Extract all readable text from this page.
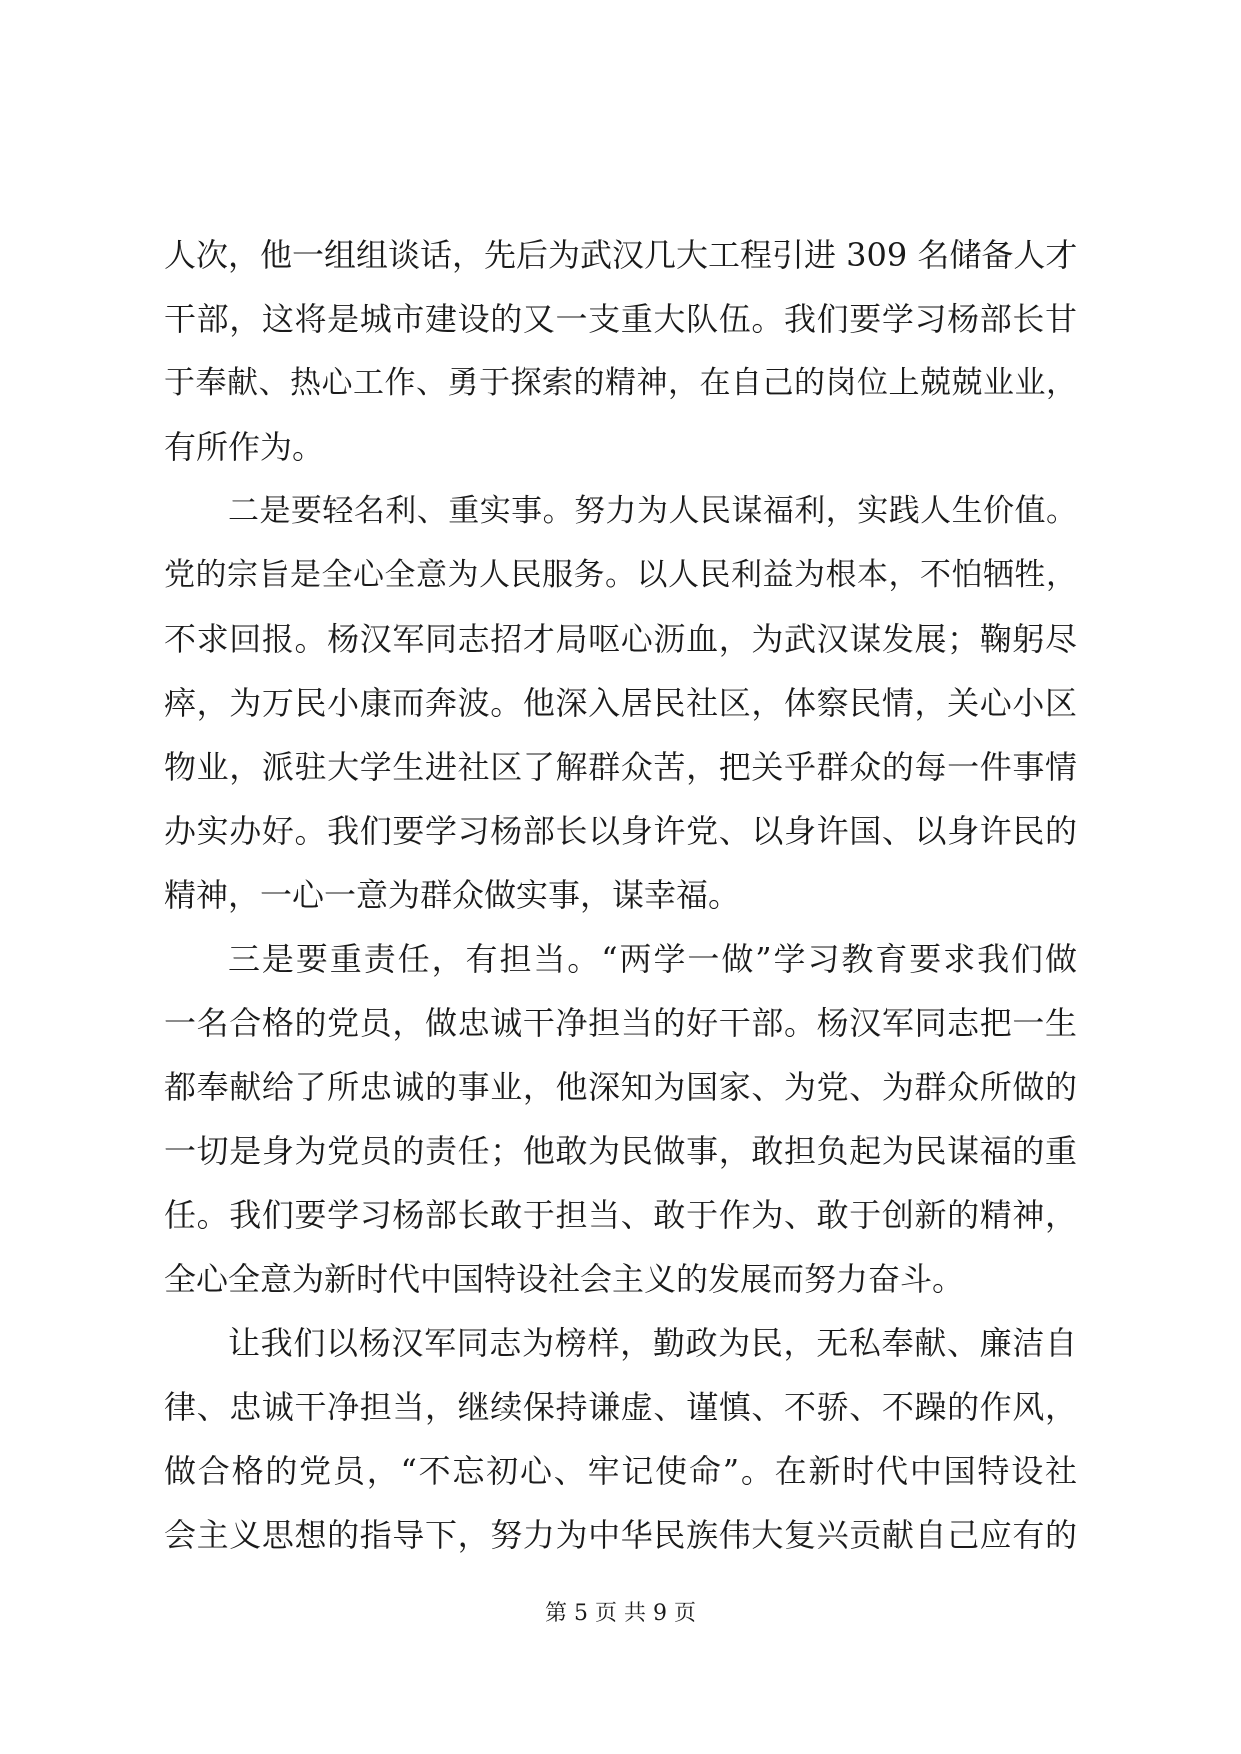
人次，他一组组谈话，先后为武汉几大工程引进 309 名储备人才
干部，这将是城市建设的又一支重大队伍。我们要学习杨部长甘
于奉献、热心工作、勇于探索的精神，在自己的岗位上兢兢业业，
有所作为。
二是要轻名利、重实事。努力为人民谋福利，实践人生价值。
党的宗旨是全心全意为人民服务。以人民利益为根本，不怕牺牲，
不求回报。杨汉军同志招才局呕心沥血，为武汉谋发展；鞠躬尽
瘁，为万民小康而奔波。他深入居民社区，体察民情，关心小区
物业，派驻大学生进社区了解群众苦，把关乎群众的每一件事情
办实办好。我们要学习杨部长以身许党、以身许国、以身许民的
精神，一心一意为群众做实事，谋幸福。
三是要重责任，有担当。“两学一做”学习教育要求我们做
一名合格的党员，做忠诚干净担当的好干部。杨汉军同志把一生
都奉献给了所忠诚的事业，他深知为国家、为党、为群众所做的
一切是身为党员的责任；他敢为民做事，敢担负起为民谋福的重
任。我们要学习杨部长敢于担当、敢于作为、敢于创新的精神，
全心全意为新时代中国特设社会主义的发展而努力奋斗。
让我们以杨汉军同志为榜样，勤政为民，无私奉献、廉洁自
律、忠诚干净担当，继续保持谦虚、谨慎、不骄、不躁的作风，
做合格的党员，“不忘初心、牢记使命”。在新时代中国特设社
会主义思想的指导下，努力为中华民族伟大复兴贡献自己应有的
第 5 页 共 9 页
